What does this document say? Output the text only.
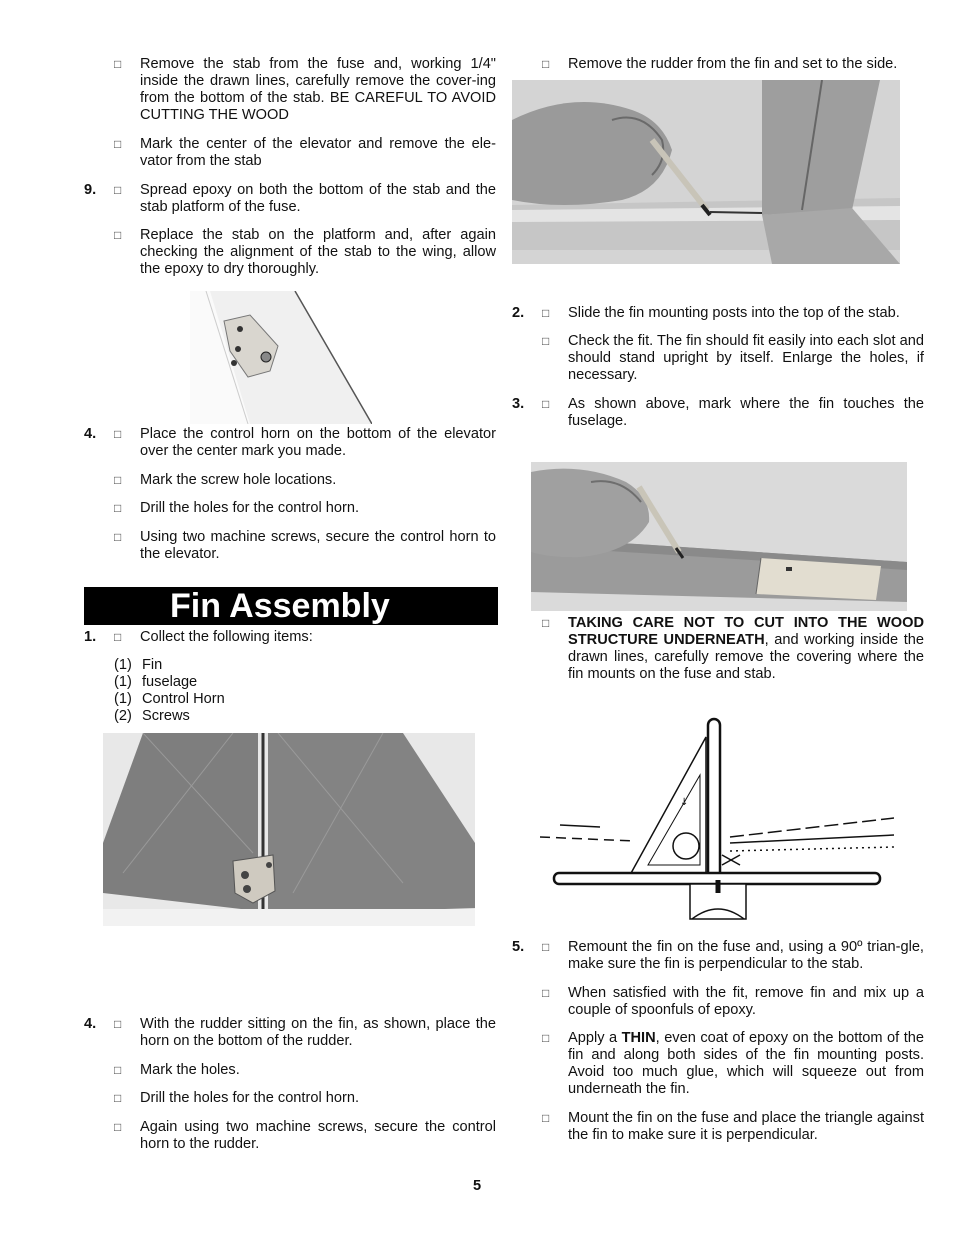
□	Remove the stab from the fuse and, working 1/4" inside the drawn lines, carefully remove the cover-ing from the bottom of the stab. BE CAREFUL TO AVOID CUTTING THE WOOD
□	Mark the center of the elevator and remove the ele-vator from the stab
9.	□	Spread epoxy on both the bottom of the stab and the stab platform of the fuse.
□	Replace the stab on the platform and, after again checking the alignment of the stab to the wing, allow the epoxy to dry thoroughly.
4.	□	Place the control horn on the bottom of the elevator over the center mark you made.
□	Mark the screw hole locations.
□	Drill the holes for the control horn.
□	Using two machine screws, secure the control horn to the elevator.
Fin Assembly
1.	□	Collect the following items:
(1) Fin
(1) fuselage
(1) Control Horn
(2) Screws
4.	□	With the rudder sitting on the fin, as shown, place the horn on the bottom of the rudder.
□	Mark the holes.
□	Drill the holes for the control horn.
□	Again using two machine screws, secure the control horn to the rudder.
□	Remove the rudder from the fin and set to the side.
2.	□	Slide the fin mounting posts into the top of the stab.
□	Check the fit. The fin should fit easily into each slot and should stand upright by itself. Enlarge the holes, if necessary.
3.	□	As shown above, mark where the fin touches the fuselage.
□	TAKING CARE NOT TO CUT INTO THE WOOD STRUCTURE UNDERNEATH, and working inside the drawn lines, carefully remove the covering where the fin mounts on the fuse and stab.
↓
5.	□	Remount the fin on the fuse and, using a 90º trian-gle, make sure the fin is perpendicular to the stab.
□	When satisfied with the fit, remove fin and mix up a couple of spoonfuls of epoxy.
□	Apply a THIN, even coat of epoxy on the bottom of the fin and along both sides of the fin mounting posts. Avoid too much glue, which will squeeze out from underneath the fin.
□	Mount the fin on the fuse and place the triangle against the fin to make sure it is perpendicular.
5
